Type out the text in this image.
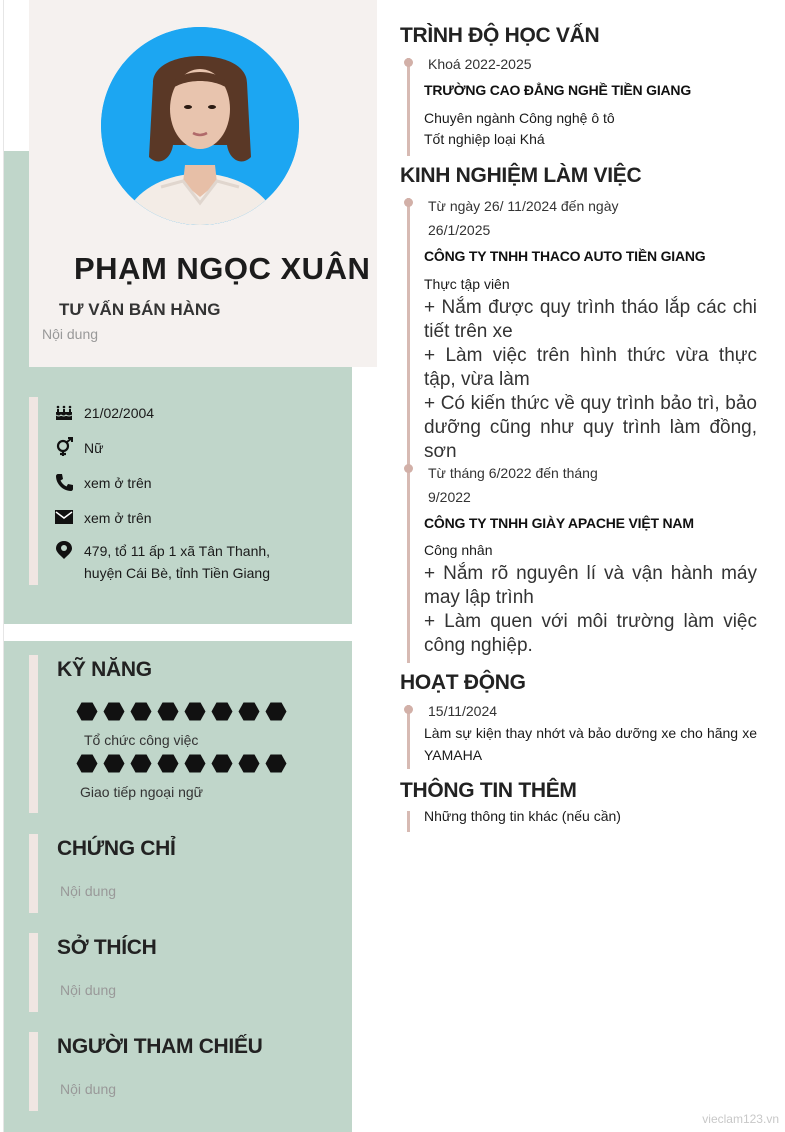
PHẠM NGỌC XUÂN
TƯ VẤN BÁN HÀNG
Nội dung
21/02/2004
Nữ
xem ở trên
xem ở trên
479, tổ 11 ấp 1 xã Tân Thanh,
huyện Cái Bè, tỉnh Tiền Giang
KỸ NĂNG
Tổ chức công việc
Giao tiếp ngoại ngữ
CHỨNG CHỈ
Nội dung
SỞ THÍCH
Nội dung
NGƯỜI THAM CHIẾU
Nội dung
TRÌNH ĐỘ HỌC VẤN
Khoá 2022-2025
TRƯỜNG CAO ĐẲNG NGHỀ TIỀN GIANG
Chuyên ngành Công nghệ ô tô
Tốt nghiệp loại Khá
KINH NGHIỆM LÀM VIỆC
Từ ngày 26/ 11/2024 đến ngày
26/1/2025
CÔNG TY TNHH THACO AUTO TIỀN GIANG
Thực tập viên
+ Nắm được quy trình tháo lắp các chi tiết trên xe
+ Làm việc trên hình thức vừa thực tập, vừa làm
+ Có kiến thức về quy trình bảo trì, bảo dưỡng cũng như quy trình làm đồng, sơn
Từ tháng 6/2022 đến tháng
9/2022
CÔNG TY TNHH GIÀY APACHE VIỆT NAM
Công nhân
+ Nắm rõ nguyên lí và vận hành máy may lập trình
+ Làm quen với môi trường làm việc công nghiệp.
HOẠT ĐỘNG
15/11/2024
Làm sự kiện thay nhớt và bảo dưỡng xe cho hãng xe YAMAHA
THÔNG TIN THÊM
Những thông tin khác (nếu cần)
vieclam123.vn
